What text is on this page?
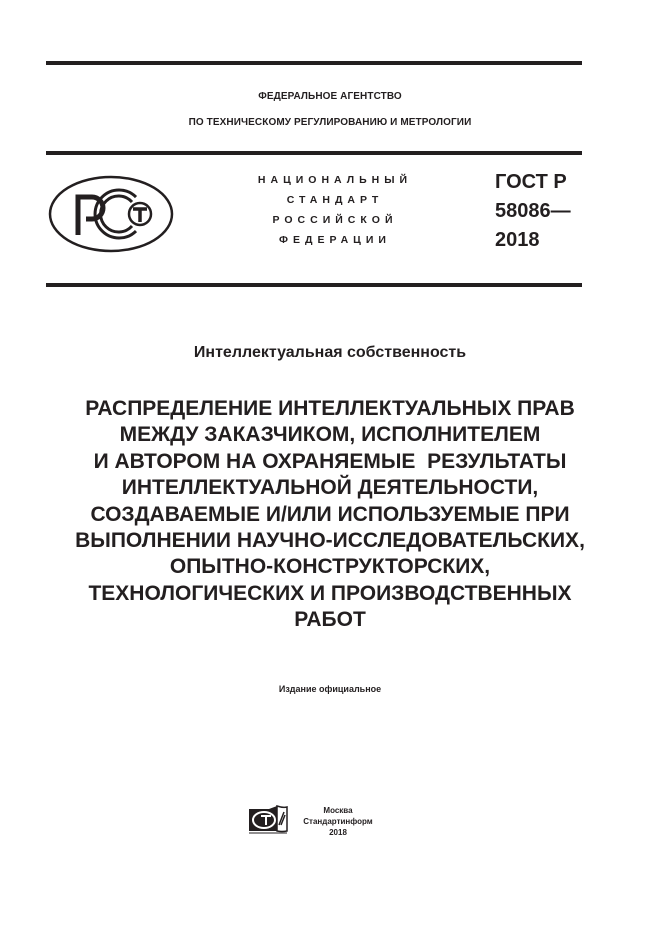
ФЕДЕРАЛЬНОЕ АГЕНТСТВО
ПО ТЕХНИЧЕСКОМУ РЕГУЛИРОВАНИЮ И МЕТРОЛОГИИ
НАЦИОНАЛЬНЫЙ
СТАНДАРТ
РОССИЙСКОЙ
ФЕДЕРАЦИИ
ГОСТ Р
58086—
2018
Интеллектуальная собственность
РАСПРЕДЕЛЕНИЕ ИНТЕЛЛЕКТУАЛЬНЫХ ПРАВ
МЕЖДУ ЗАКАЗЧИКОМ, ИСПОЛНИТЕЛЕМ
И АВТОРОМ НА ОХРАНЯЕМЫЕ  РЕЗУЛЬТАТЫ
ИНТЕЛЛЕКТУАЛЬНОЙ ДЕЯТЕЛЬНОСТИ,
СОЗДАВАЕМЫЕ И/ИЛИ ИСПОЛЬЗУЕМЫЕ ПРИ
ВЫПОЛНЕНИИ НАУЧНО-ИССЛЕДОВАТЕЛЬСКИХ,
ОПЫТНО-КОНСТРУКТОРСКИХ,
ТЕХНОЛОГИЧЕСКИХ И ПРОИЗВОДСТВЕННЫХ
РАБОТ
Издание официальное
Москва
Стандартинформ
2018
